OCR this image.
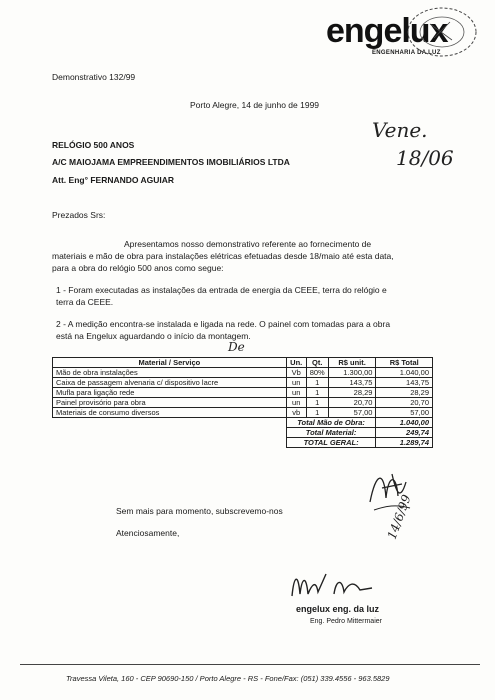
engelux
ENGENHARIA DA LUZ
Demonstrativo 132/99
Porto Alegre, 14 de junho de 1999
Vene.
18/06
RELÓGIO 500 ANOS
A/C MAIOJAMA EMPREENDIMENTOS IMOBILIÁRIOS LTDA
Att. Eng° FERNANDO AGUIAR
Prezados Srs:
Apresentamos nosso demonstrativo referente ao fornecimento de
materiais e mão de obra para instalações elétricas efetuadas desde 18/maio até esta data,
para a obra do relógio 500 anos como segue:
1 - Foram executadas as instalações da entrada de energia da CEEE, terra do relógio e
terra da CEEE.
2 - A medição encontra-se instalada e ligada na rede. O painel com tomadas para a obra
está na Engelux aguardando o início da montagem.
De
Material / Serviço	Un.	Qt.	R$ unit.	R$ Total
Mão de obra instalações	Vb	80%	1.300,00	1.040,00
Caixa de passagem alvenaria c/ dispositivo lacre	un	1	143,75	143,75
Mufla para ligação rede	un	1	28,29	28,29
Painel provisório para obra	un	1	20,70	20,70
Materiais de consumo diversos	vb	1	57,00	57,00
	Total Mão de Obra:			1.040,00
	Total Material:			249,74
	TOTAL GERAL:			1.289,74
Sem mais para momento, subscrevemo-nos
Atenciosamente,	14/6/99
engelux eng. da luz
Eng. Pedro Mittermaier
Travessa Vileta, 160 - CEP 90690-150 / Porto Alegre - RS - Fone/Fax: (051) 339.4556 - 963.5829
